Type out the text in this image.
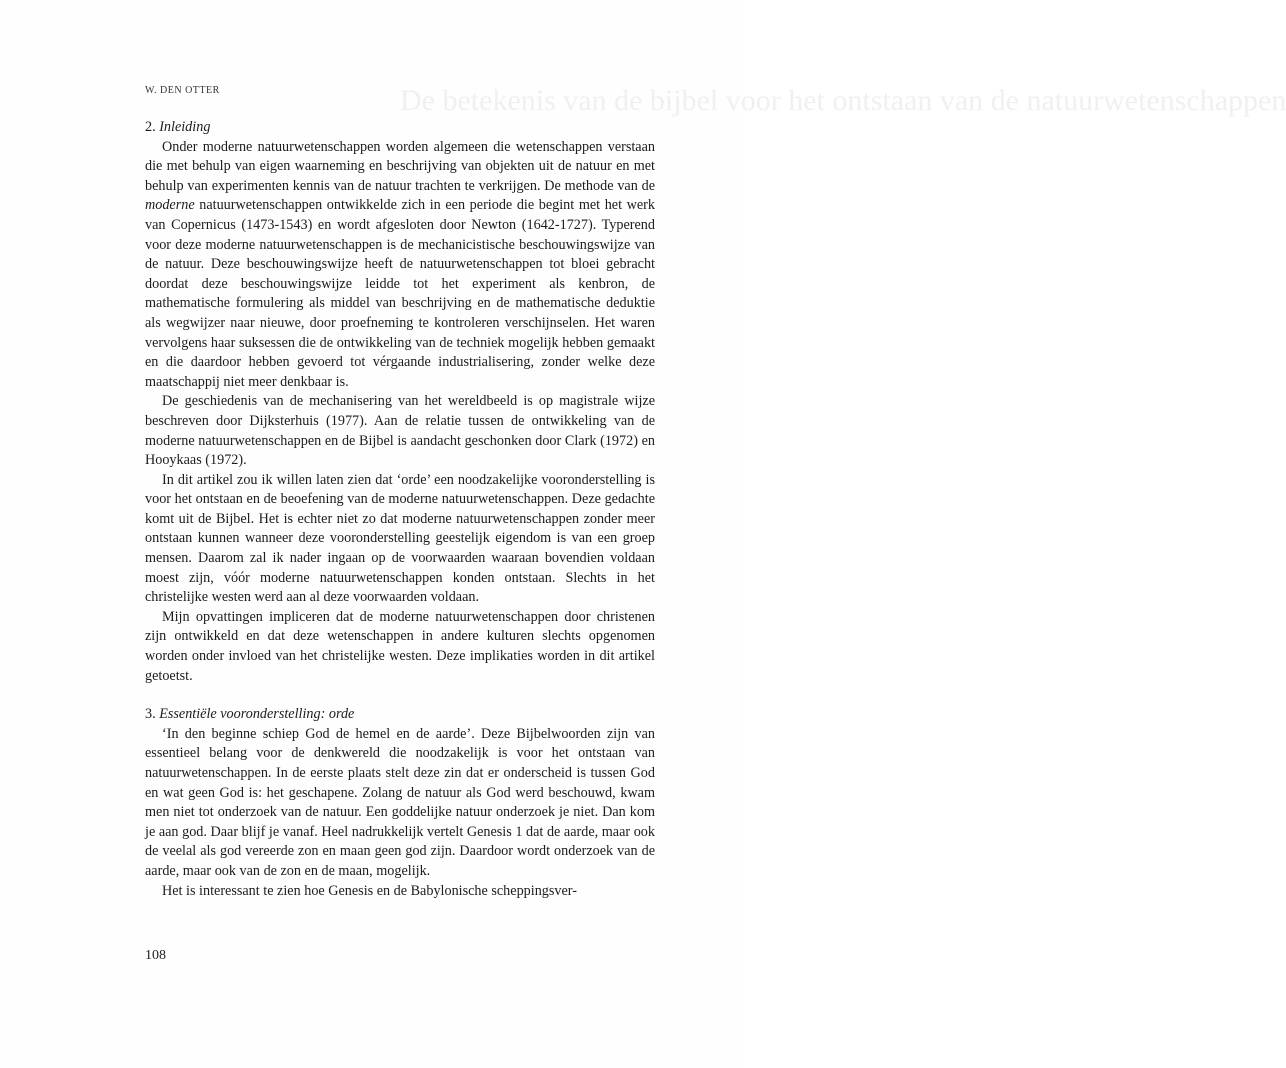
De betekenis van de bijbel voor het ontstaan van de natuurwetenschappen
W. DEN OTTER
2. Inleiding

Onder moderne natuurwetenschappen worden algemeen die wetenschappen verstaan die met behulp van eigen waarneming en beschrijving van objekten uit de natuur en met behulp van experimenten kennis van de natuur trachten te verkrijgen. De methode van de moderne natuurwetenschappen ontwikkelde zich in een periode die begint met het werk van Copernicus (1473-1543) en wordt afgesloten door Newton (1642-1727). Typerend voor deze moderne natuurwetenschappen is de mechanicistische beschouwingswijze van de natuur. Deze beschouwingswijze heeft de natuurwetenschappen tot bloei gebracht doordat deze beschouwingswijze leidde tot het experiment als kenbron, de mathematische formulering als middel van beschrijving en de mathematische deduktie als wegwijzer naar nieuwe, door proefneming te kontroleren verschijnselen. Het waren vervolgens haar suksessen die de ontwikkeling van de techniek mogelijk hebben gemaakt en die daardoor hebben gevoerd tot vérgaande industrialisering, zonder welke deze maatschappij niet meer denkbaar is.

De geschiedenis van de mechanisering van het wereldbeeld is op magistrale wijze beschreven door Dijksterhuis (1977). Aan de relatie tussen de ontwikkeling van de moderne natuurwetenschappen en de Bijbel is aandacht geschonken door Clark (1972) en Hooykaas (1972).

In dit artikel zou ik willen laten zien dat ‘orde’ een noodzakelijke vooronderstelling is voor het ontstaan en de beoefening van de moderne natuurwetenschappen. Deze gedachte komt uit de Bijbel. Het is echter niet zo dat moderne natuurwetenschappen zonder meer ontstaan kunnen wanneer deze vooronderstelling geestelijk eigendom is van een groep mensen. Daarom zal ik nader ingaan op de voorwaarden waaraan bovendien voldaan moest zijn, vóór moderne natuurwetenschappen konden ontstaan. Slechts in het christelijke westen werd aan al deze voorwaarden voldaan.

Mijn opvattingen impliceren dat de moderne natuurwetenschappen door christenen zijn ontwikkeld en dat deze wetenschappen in andere kulturen slechts opgenomen worden onder invloed van het christelijke westen. Deze implikaties worden in dit artikel getoetst.

3. Essentiële vooronderstelling: orde

‘In den beginne schiep God de hemel en de aarde’. Deze Bijbelwoorden zijn van essentieel belang voor de denkwereld die noodzakelijk is voor het ontstaan van natuurwetenschappen. In de eerste plaats stelt deze zin dat er onderscheid is tussen God en wat geen God is: het geschapene. Zolang de natuur als God werd beschouwd, kwam men niet tot onderzoek van de natuur. Een goddelijke natuur onderzoek je niet. Dan kom je aan god. Daar blijf je vanaf. Heel nadrukkelijk vertelt Genesis 1 dat de aarde, maar ook de veelal als god vereerde zon en maan geen god zijn. Daardoor wordt onderzoek van de aarde, maar ook van de zon en de maan, mogelijk.

Het is interessant te zien hoe Genesis en de Babylonische scheppingsver-

108
